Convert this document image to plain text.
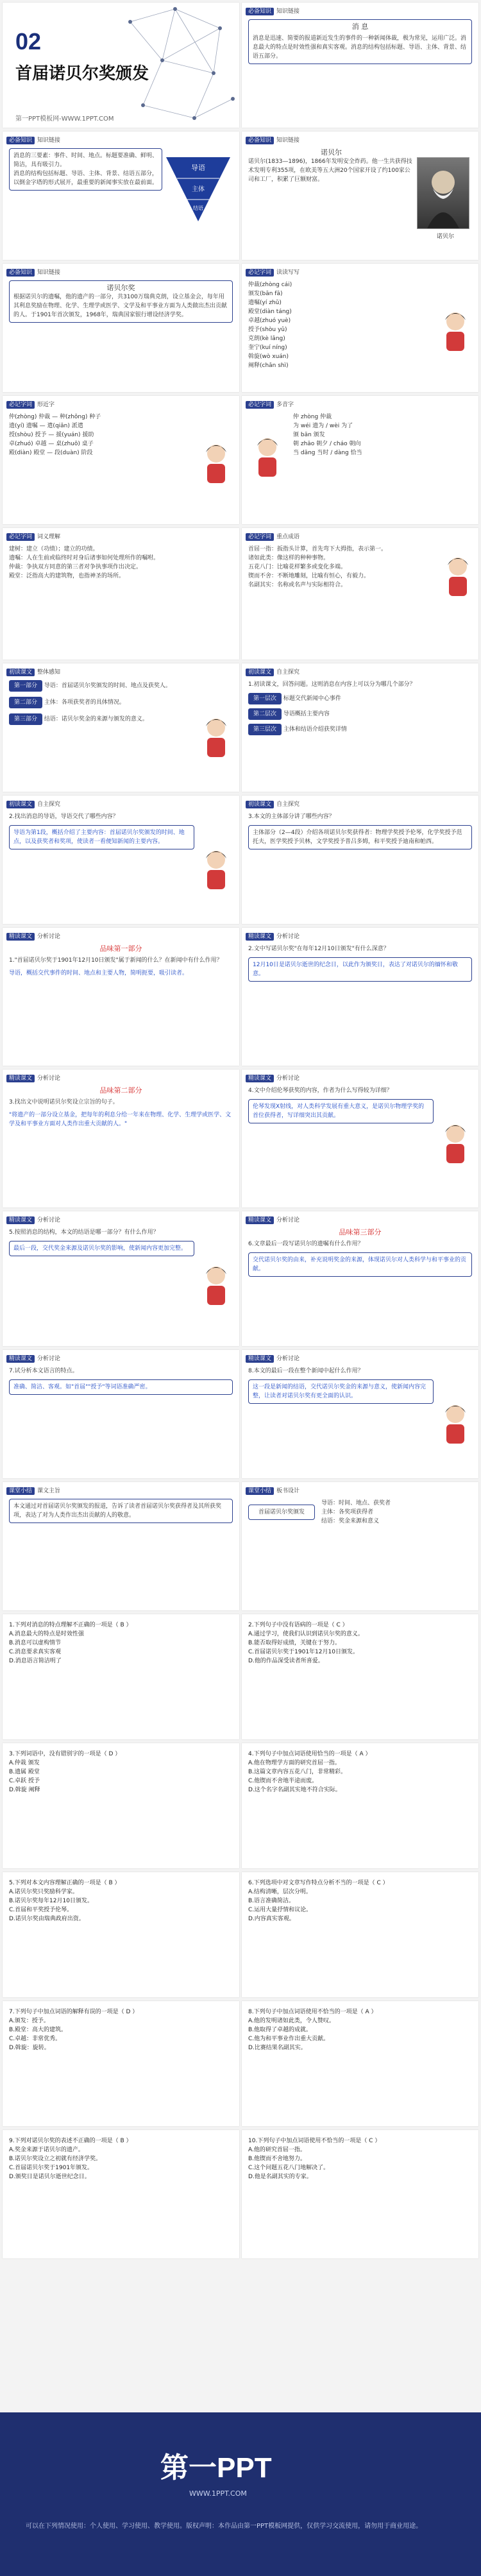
02
首届诺贝尔奖颁发
第一PPT模板网-WWW.1PPT.COM
必备知识 知识链接
消 息
消息是迅速、简要的报道新近发生的事件的一种新闻体裁，极为常见，运用广泛。消息最大的特点是时效性强和真实客观。消息的结构包括标题、导语、主体、背景、结语五部分。
必备知识 知识链接
消息的三要素：事件、时间、地点。标题要准确、鲜明、简洁，具有吸引力。
消息的结构包括标题、导语、主体、背景、结语五部分，以倒金字塔的形式展开，最重要的新闻事实放在最前面。
导语
主体
结语
必备知识 知识链接
诺贝尔
诺贝尔(1833—1896)，1866年发明安全炸药。他一生共获得技术发明专利355项，在欧美等五大洲20个国家开设了约100家公司和工厂，积累了巨额财富。
诺贝尔
必备知识 知识链接
诺贝尔奖
根据诺贝尔的遗嘱，他的遗产的一部分，共3100万瑞典克朗，设立基金会，每年用其利息奖励在物理、化学、生理学或医学、文学及和平事业方面为人类做出杰出贡献的人。于1901年首次颁发，1968年，瑞典国家银行增设经济学奖。
必记字词 读读写写
仲裁(zhòng cái)
颁发(bān fā)
遗嘱(yí zhǔ)
殿堂(diàn táng)
卓越(zhuó yuè)
授予(shòu yǔ)
克朗(kè lǎng)
奎宁(kuí níng)
斡旋(wò xuán)
阐释(chǎn shì)
必记字词 形近字
仲(zhòng) 仲裁 — 种(zhǒng) 种子
遗(yí) 遗嘱 — 遣(qiǎn) 派遣
授(shòu) 授予 — 援(yuán) 援助
卓(zhuó) 卓越 — 桌(zhuō) 桌子
殿(diàn) 殿堂 — 段(duàn) 阶段
必记字词 多音字
仲 zhòng 仲裁
为 wéi 遗为 / wèi 为了
颁 bān 颁发
朝 zhāo 朝夕 / cháo 朝向
当 dāng 当时 / dàng 恰当
必记字词 词义理解
建树：建立（功绩）；建立的功绩。
遗嘱：人在生前或临终时对身后诸事如何处理所作的嘱咐。
仲裁：争执双方同意的第三者对争执事项作出决定。
殿堂：泛指高大的建筑物，也指神圣的场所。
必记字词 重点成语
首屈一指：扳指头计算，首先弯下大拇指，表示第一。
诸如此类：像这样的种种事物。
五花八门：比喻花样繁多或变化多端。
锲而不舍：不断地雕刻，比喻有恒心，有毅力。
名副其实：名称或名声与实际相符合。
初读课文 整体感知
第一部分 导语：首届诺贝尔奖颁发的时间、地点及获奖人。
第二部分 主体：各项获奖者的具体情况。
第三部分 结语：诺贝尔奖金的来源与颁发的意义。
初读课文 自主探究
1.初读课文，回答问题。这则消息在内容上可以分为哪几个部分？
第一层次 标题交代新闻中心事件
第二层次 导语概括主要内容
第三层次 主体和结语介绍获奖详情
初读课文 自主探究
2.找出消息的导语，导语交代了哪些内容？
导语为第1段，概括介绍了主要内容：首届诺贝尔奖颁发的时间、地点，以及获奖者和奖项，使读者一看便知新闻的主要内容。
初读课文 自主探究
3.本文的主体部分讲了哪些内容？
主体部分（2—4段）介绍各项诺贝尔奖获得者：物理学奖授予伦琴，化学奖授予范托夫，医学奖授予贝林，文学奖授予普吕多姆，和平奖授予迪南和帕西。
精读课文 分析讨论
品味第一部分
1."首届诺贝尔奖于1901年12月10日颁发"属于新闻的什么？在新闻中有什么作用？
导语，概括交代事件的时间、地点和主要人物，简明扼要，吸引读者。
精读课文 分析讨论
2.文中写诺贝尔奖"在每年12月10日颁发"有什么深意？
12月10日是诺贝尔逝世的纪念日，以此作为颁奖日，表达了对诺贝尔的缅怀和敬意。
精读课文 分析讨论
品味第二部分
3.找出文中说明诺贝尔奖设立宗旨的句子。
"将遗产的一部分设立基金，把每年的利息分给一年来在物理、化学、生理学或医学、文学及和平事业方面对人类作出重大贡献的人。"
精读课文 分析讨论
4.文中介绍伦琴获奖的内容，作者为什么写得较为详细？
伦琴发现X射线，对人类科学发展有重大意义，是诺贝尔物理学奖的首位获得者，写详细突出其贡献。
精读课文 分析讨论
5.按照消息的结构，本文的结语是哪一部分？有什么作用？
最后一段，交代奖金来源及诺贝尔奖的影响，使新闻内容更加完整。
精读课文 分析讨论
品味第三部分
6.文章最后一段写诺贝尔的遗嘱有什么作用？
交代诺贝尔奖的由来，补充说明奖金的来源，体现诺贝尔对人类科学与和平事业的贡献。
精读课文 分析讨论
7.试分析本文语言的特点。
准确、简洁、客观。如"首届""授予"等词语准确严密。
精读课文 分析讨论
8.本文的最后一段在整个新闻中起什么作用？
这一段是新闻的结语，交代诺贝尔奖金的来源与意义，使新闻内容完整，让读者对诺贝尔奖有更全面的认识。
课堂小结 课文主旨
本文通过对首届诺贝尔奖颁发的报道，告诉了读者首届诺贝尔奖获得者及其所获奖项，表达了对为人类作出杰出贡献的人的敬意。
课堂小结 板书设计
首届诺贝尔奖颁发
导语：时间、地点、获奖者
主体：各奖项获得者
结语：奖金来源和意义
1.下列对消息的特点理解不正确的一项是（ B ）
A.消息最大的特点是时效性强
B.消息可以虚构情节
C.消息要求真实客观
D.消息语言简洁明了
2.下列句子中没有语病的一项是（ C ）
A.通过学习，使我们认识到诺贝尔奖的意义。
B.能否取得好成绩，关键在于努力。
C.首届诺贝尔奖于1901年12月10日颁发。
D.他的作品深受读者所喜爱。
3.下列词语中，没有错别字的一项是（ D ）
A.仲栽 颁发
B.遗属 殿堂
C.卓跃 授予
D.斡旋 阐释
4.下列句子中加点词语使用恰当的一项是（ A ）
A.他在物理学方面的研究首屈一指。
B.这篇文章内容五花八门，非常精彩。
C.他锲而不舍地半途而废。
D.这个名字名副其实地不符合实际。
5.下列对本文内容理解正确的一项是（ B ）
A.诺贝尔奖只奖励科学家。
B.诺贝尔奖每年12月10日颁发。
C.首届和平奖授予伦琴。
D.诺贝尔奖由瑞典政府出资。
6.下列选项中对文章写作特点分析不当的一项是（ C ）
A.结构清晰，层次分明。
B.语言准确简洁。
C.运用大量抒情和议论。
D.内容真实客观。
7.下列句子中加点词语的解释有误的一项是（ D ）
A.颁发：授予。
B.殿堂：高大的建筑。
C.卓越：非常优秀。
D.斡旋：旋转。
8.下列句子中加点词语使用不恰当的一项是（ A ）
A.他的发明诸如此类，令人赞叹。
B.他取得了卓越的成就。
C.他为和平事业作出重大贡献。
D.比赛结果名副其实。
9.下列对诺贝尔奖的表述不正确的一项是（ B ）
A.奖金来源于诺贝尔的遗产。
B.诺贝尔奖设立之初就有经济学奖。
C.首届诺贝尔奖于1901年颁发。
D.颁奖日是诺贝尔逝世纪念日。
10.下列句子中加点词语使用不恰当的一项是（ C ）
A.他的研究首屈一指。
B.他锲而不舍地努力。
C.这个问题五花八门地解决了。
D.他是名副其实的专家。
第一PPT
WWW.1PPT.COM
可以在下列情况使用：个人使用、学习使用、教学使用。版权声明：本作品由第一PPT模板网提供，仅供学习交流使用，请勿用于商业用途。
